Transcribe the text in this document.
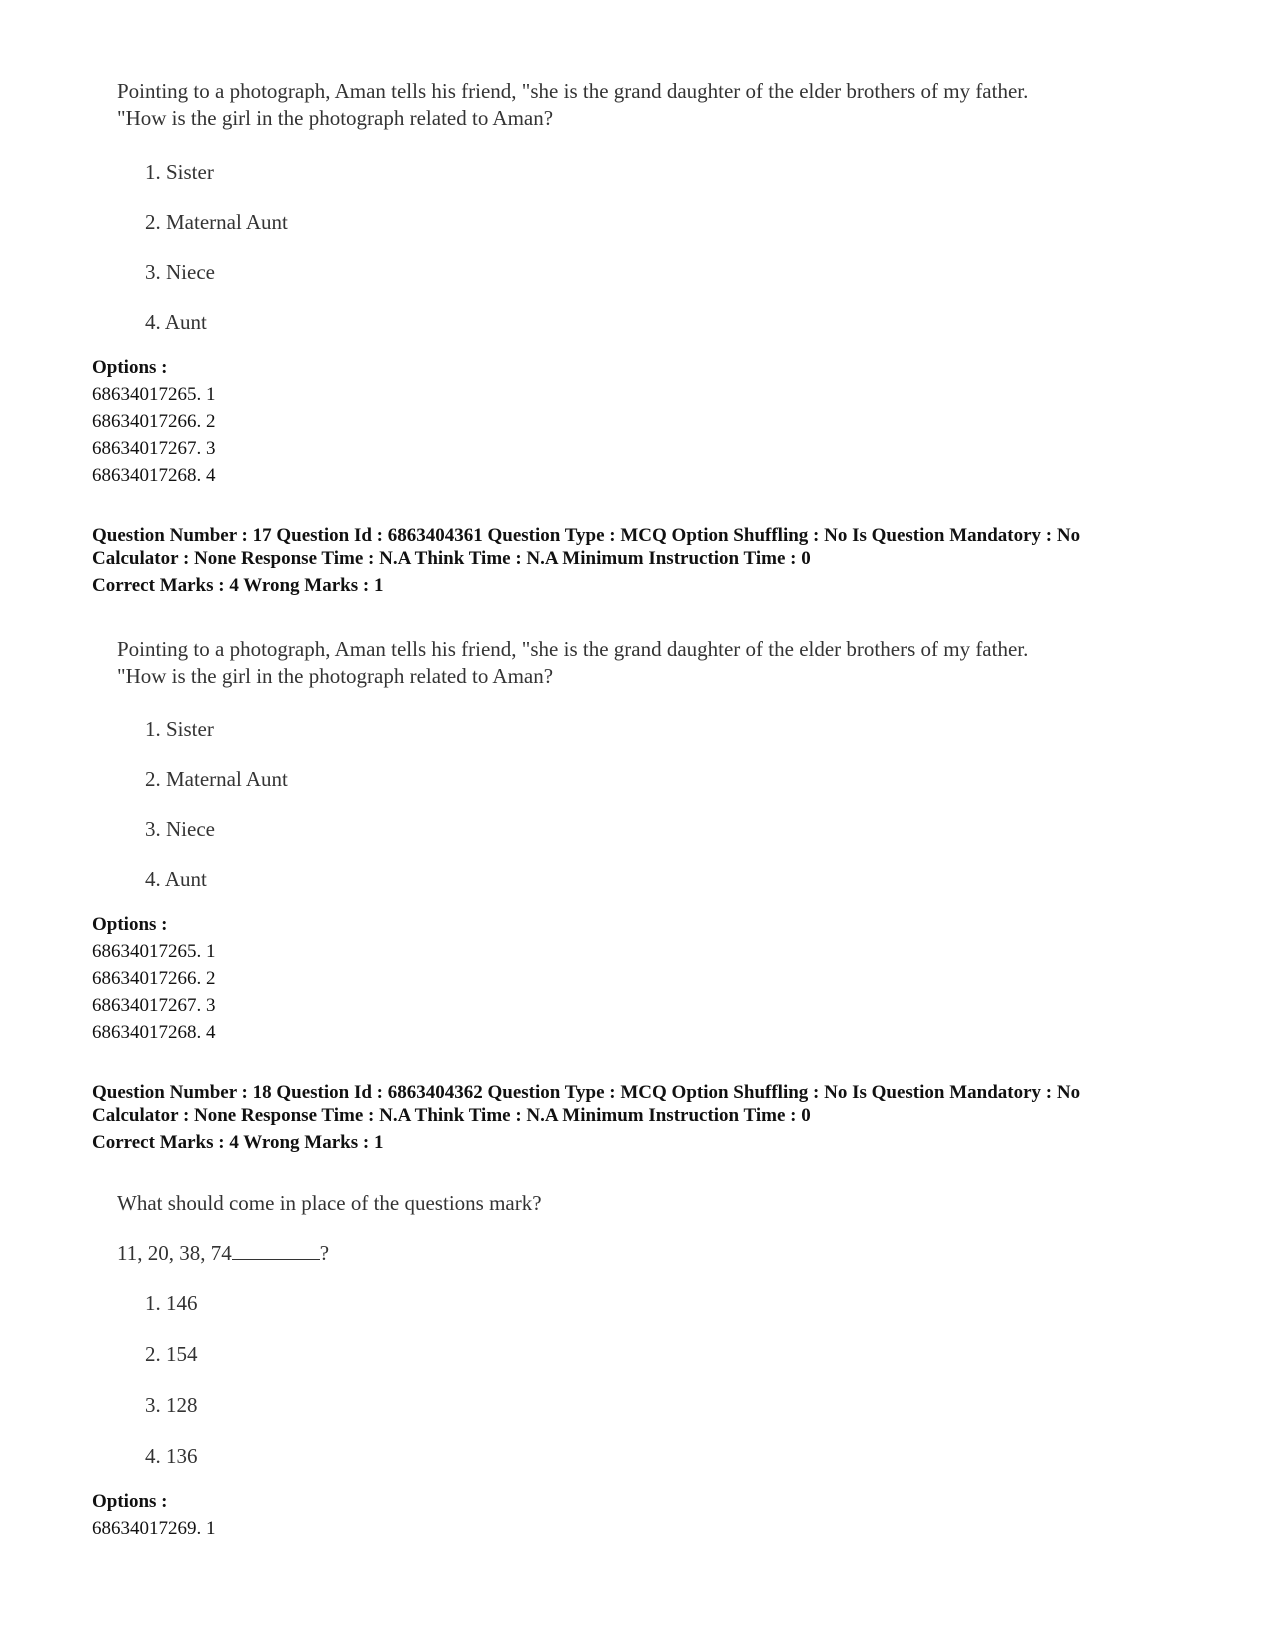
Pointing to a photograph, Aman tells his friend, "she is the grand daughter of the elder brothers of my father.
"How is the girl in the photograph related to Aman?
1. Sister
2. Maternal Aunt
3. Niece
4. Aunt
Options :
68634017265. 1
68634017266. 2
68634017267. 3
68634017268. 4
Question Number : 17 Question Id : 6863404361 Question Type : MCQ Option Shuffling : No Is Question Mandatory : No
Calculator : None Response Time : N.A Think Time : N.A Minimum Instruction Time : 0
Correct Marks : 4 Wrong Marks : 1
Pointing to a photograph, Aman tells his friend, "she is the grand daughter of the elder brothers of my father.
"How is the girl in the photograph related to Aman?
1. Sister
2. Maternal Aunt
3. Niece
4. Aunt
Options :
68634017265. 1
68634017266. 2
68634017267. 3
68634017268. 4
Question Number : 18 Question Id : 6863404362 Question Type : MCQ Option Shuffling : No Is Question Mandatory : No
Calculator : None Response Time : N.A Think Time : N.A Minimum Instruction Time : 0
Correct Marks : 4 Wrong Marks : 1
What should come in place of the questions mark?
11, 20, 38, 74	?
1. 146
2. 154
3. 128
4. 136
Options :
68634017269. 1
